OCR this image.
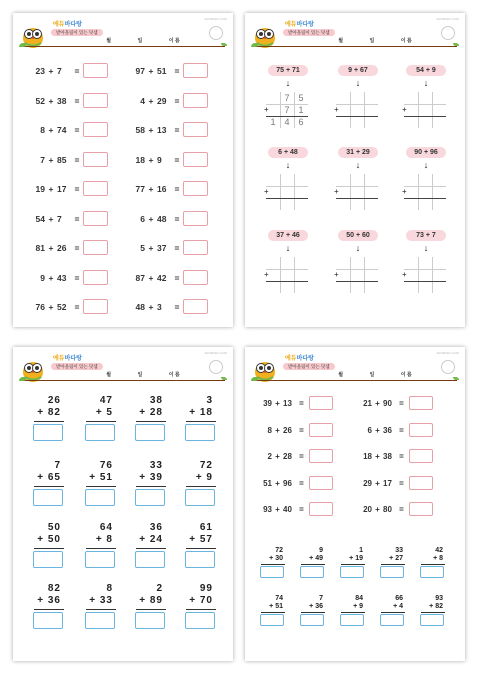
에듀바다랑
받아올림이 있는 덧셈
월	일	이 름
EDUBADA.COM
23 + 7	=
52 + 38 =
8 + 74 =
7 + 85 =
19 + 17 =
54 + 7	=
81 + 26 =
9 + 43 =
76 + 52 =
97 + 51 =
4 + 29 =
58 + 13 =
18 + 9	=
77 + 16 =
6 + 48 =
5 + 37 =
87 + 42 =
48 + 3	=
에듀바다랑
받아올림이 있는 덧셈
월	일	이 름
EDUBADA.COM
75 + 71
↓
+
7 5
7 1
1 4 6
9 + 67
↓
+
54 + 9
↓
+
6 + 48
↓
+
31 + 29
↓
+
90 + 96
↓
+
37 + 46
↓
+
50 + 60
↓
+
73 + 7
↓
+
에듀바다랑
받아올림이 있는 덧셈
월	일	이 름
EDUBADA.COM
26
+ 82
47
+ 5
38
+ 28
3
+ 18
7
+ 65
76
+ 51
33
+ 39
72
+ 9
50
+ 50
64
+ 8
36
+ 24
61
+ 57
82
+ 36
8
+ 33
2
+ 89
99
+ 70
에듀바다랑
받아올림이 있는 덧셈
월	일	이 름
EDUBADA.COM
39 + 13 =
8 + 26 =
2 + 28 =
51 + 96 =
93 + 40 =
21 + 90 =
6 + 36 =
18 + 38 =
29 + 17 =
20 + 80 =
72
+ 30
9
+ 49
1
+ 19
33
+ 27
42
+ 8
74
+ 51
7
+ 36
84
+ 9
66
+ 4
93
+ 82
